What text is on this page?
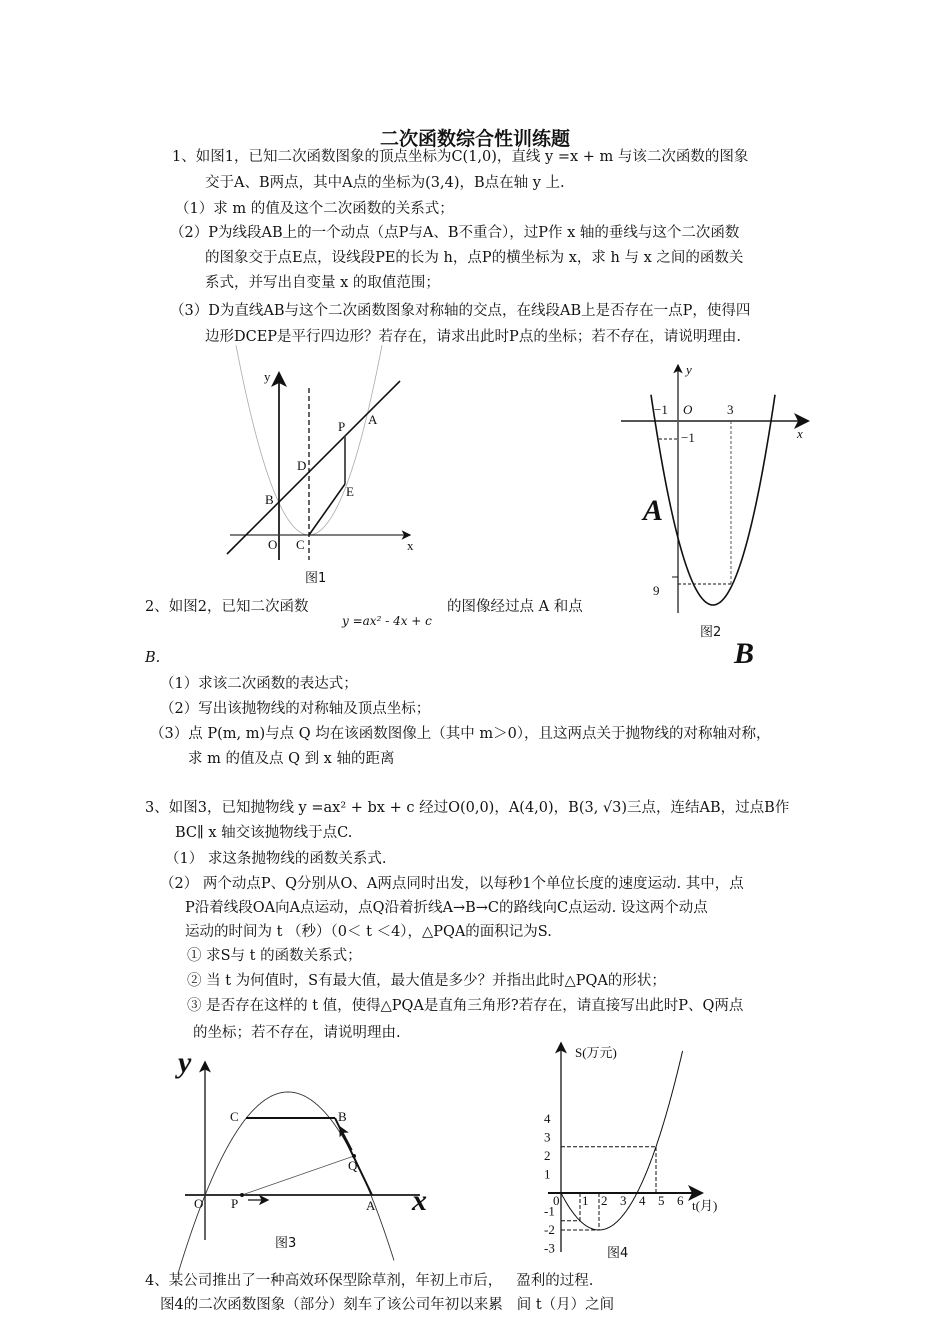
二次函数综合性训练题
1、如图1，已知二次函数图象的顶点坐标为C(1,0)，直线 y =x + m 与该二次函数的图象
交于A、B两点，其中A点的坐标为(3,4)，B点在轴 y 上.
（1）求 m 的值及这个二次函数的关系式；
（2）P为线段AB上的一个动点（点P与A、B不重合），过P作 x 轴的垂线与这个二次函数
的图象交于点E点，设线段PE的长为 h，点P的横坐标为 x，求 h 与 x 之间的函数关
系式，并写出自变量 x 的取值范围；
（3）D为直线AB与这个二次函数图象对称轴的交点，在线段AB上是否存在一点P，使得四
边形DCEP是平行四边形？若存在，请求出此时P点的坐标；若不存在，请说明理由.
2、如图2，已知二次函数
y =ax² - 4x + c
的图像经过点 A 和点
B.
（1）求该二次函数的表达式；
（2）写出该抛物线的对称轴及顶点坐标；
（3）点 P(m, m)与点 Q 均在该函数图像上（其中 m＞0），且这两点关于抛物线的对称轴对称，
求 m 的值及点 Q 到 x 轴的距离
3、如图3，已知抛物线 y =ax² + bx + c 经过O(0,0)，A(4,0)，B(3, √3)三点，连结AB，过点B作
BC∥ x 轴交该抛物线于点C.
（1） 求这条抛物线的函数关系式.
（2） 两个动点P、Q分别从O、A两点同时出发，以每秒1个单位长度的速度运动. 其中，点
P沿着线段OA向A点运动，点Q沿着折线A→B→C的路线向C点运动. 设这两个动点
运动的时间为 t （秒）（0＜ t ＜4），△PQA的面积记为S.
① 求S与 t 的函数关系式；
② 当 t 为何值时，S有最大值，最大值是多少？并指出此时△PQA的形状；
③ 是否存在这样的 t 值，使得△PQA是直角三角形?若存在，请直接写出此时P、Q两点
的坐标；若不存在，请说明理由.
4、某公司推出了一种高效环保型除草剂，年初上市后， 盈利的过程.
图4的二次函数图象（部分）刻车了该公司年初以来累 间 t（月）之间
y
A
P
D
E
B
O C	x
图1
y
−1 O	3
x
−1
9
A
B
图2
y
C	B
Q
O P	A x
图3
4
3
2
1
-1
-2
-3
0 1 2 3 4 5 6
S(万元)
t(月)
图4
